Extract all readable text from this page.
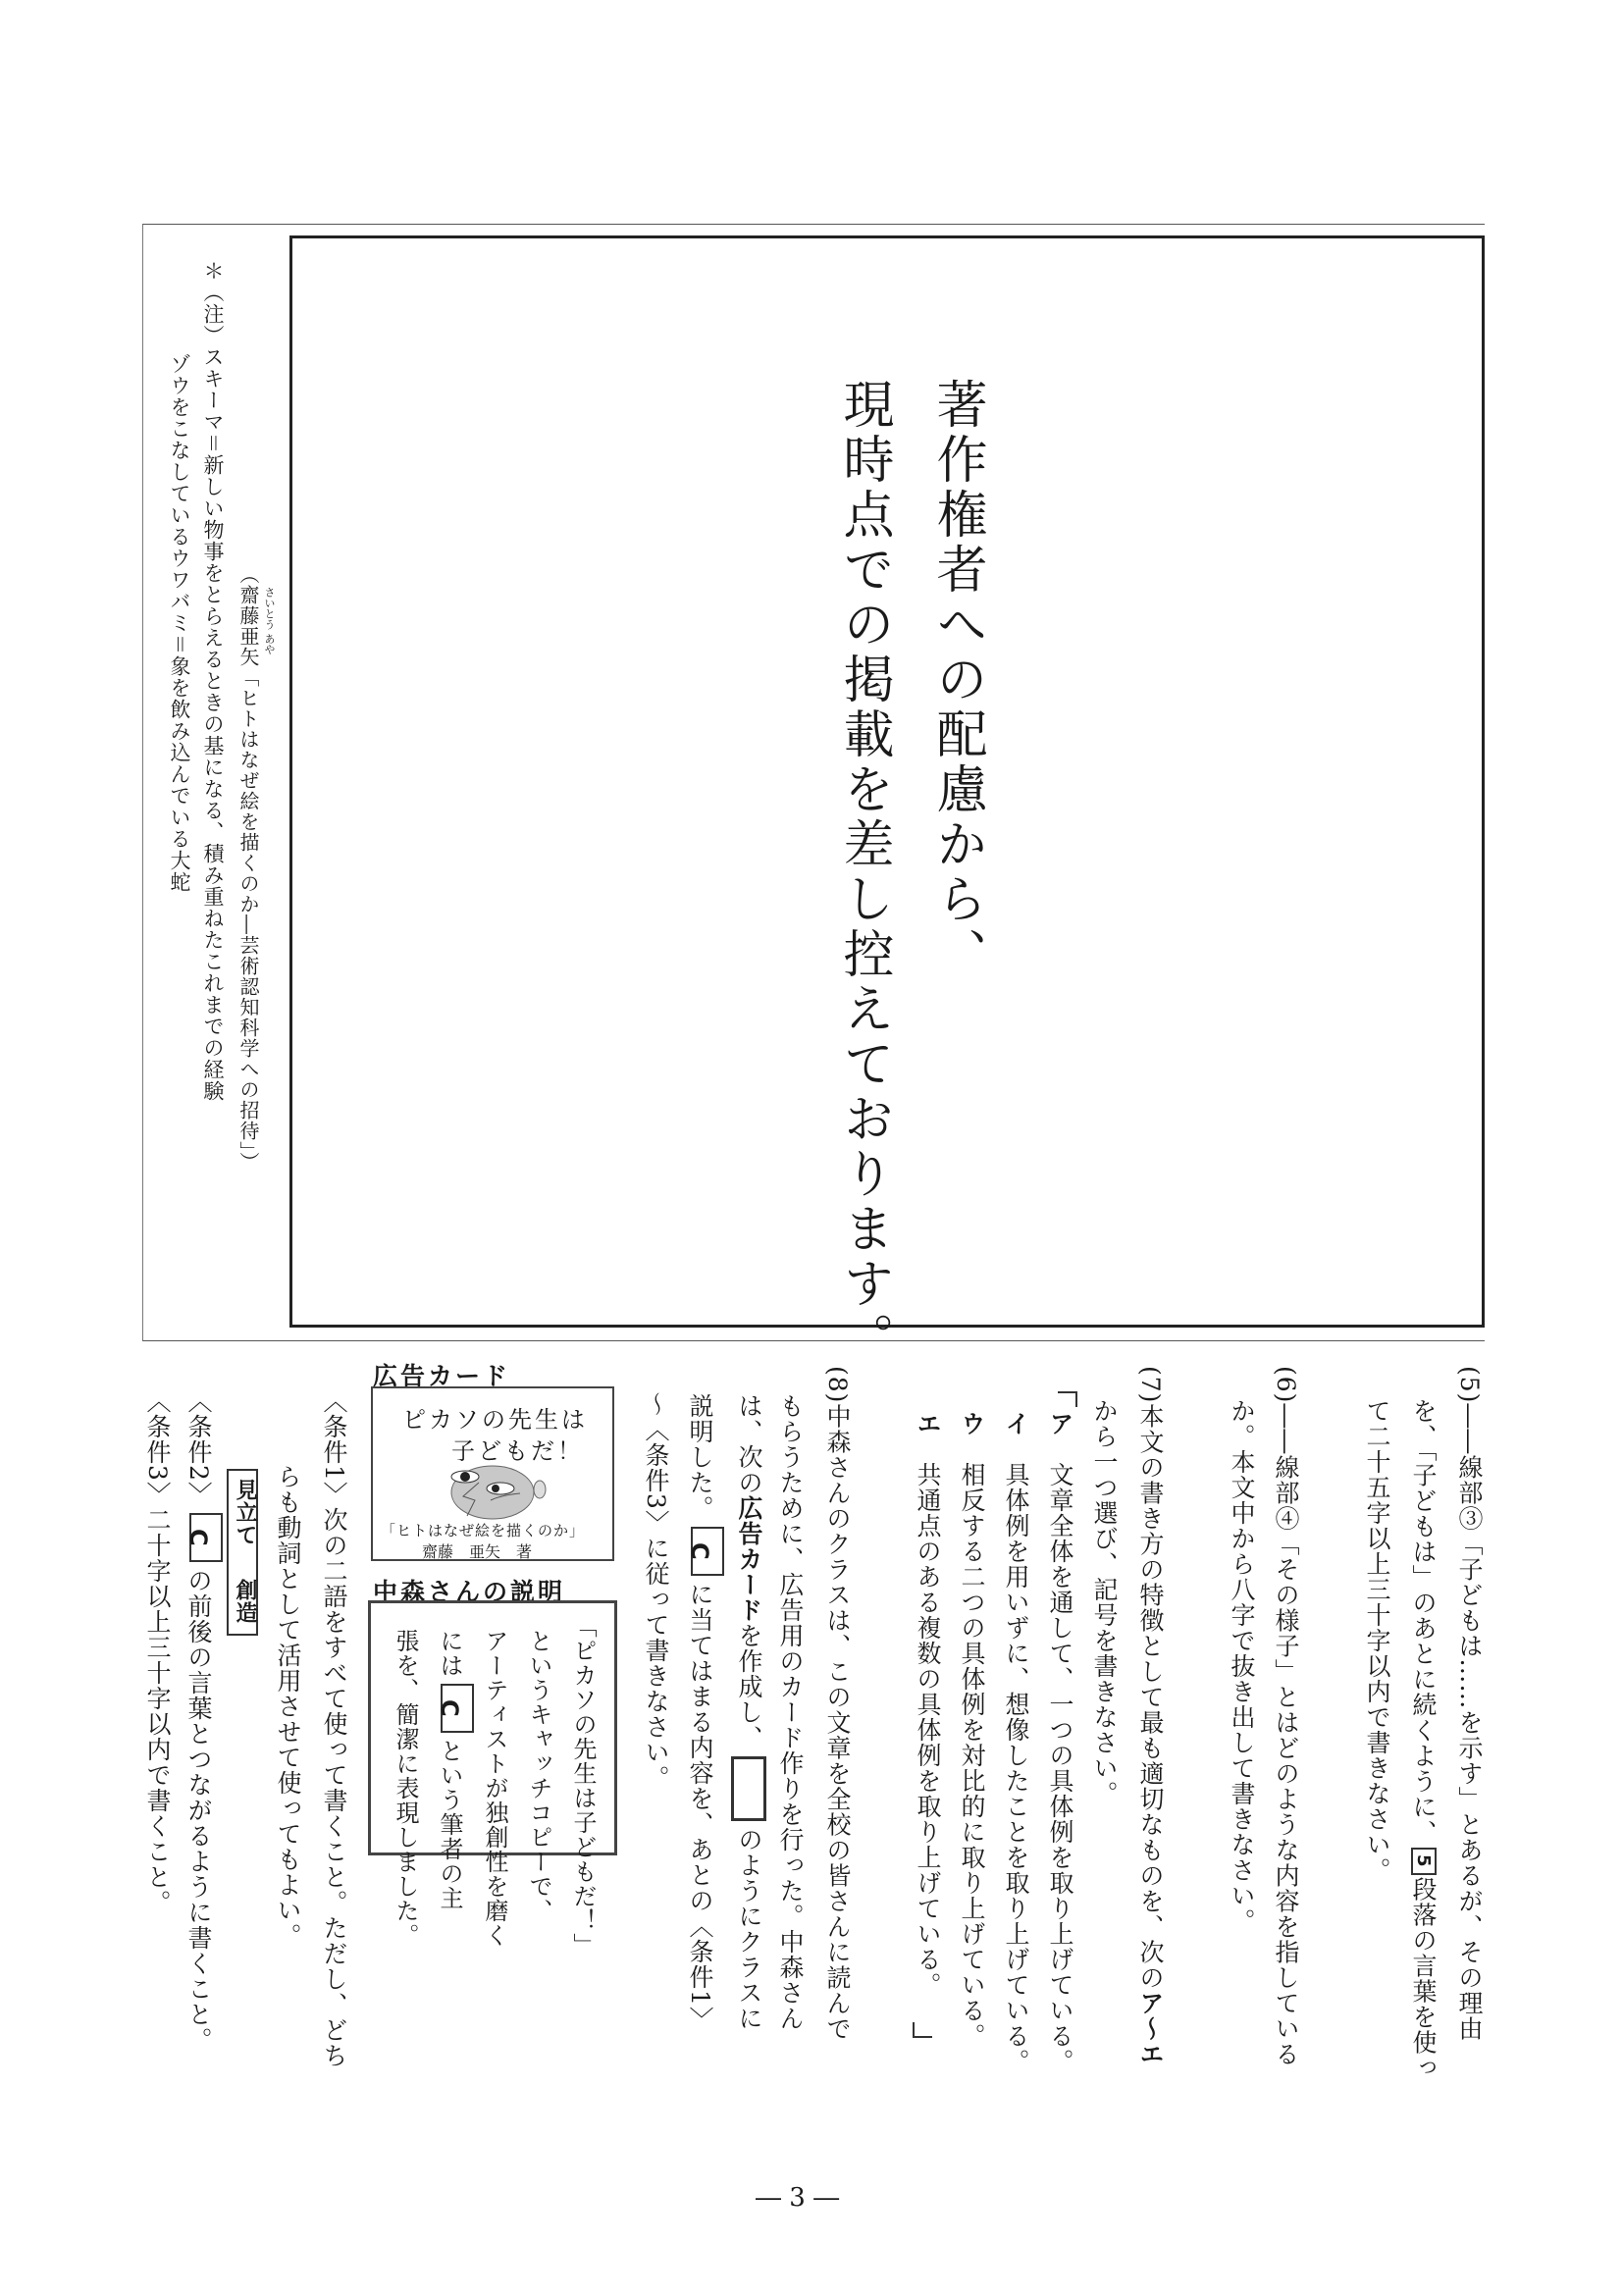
著作権者への配慮から、
現時点での掲載を差し控えております。
（齋藤亜矢「ヒトはなぜ絵を描くのか―芸術認知科学への招待」） さいとう あや
＊（注）スキーマ＝新しい物事をとらえるときの基になる、積み重ねたこれまでの経験
ゾウをこなしているウワバミ＝象を飲み込んでいる大蛇
(5)――線部③「子どもは……を示す」とあるが、その理由
を、「子どもは」のあとに続くように、5段落の言葉を使っ
て二十五字以上三十字以内で書きなさい。
(6)――線部④「その様子」とはどのような内容を指している
か。本文中から八字で抜き出して書きなさい。
(7)本文の書き方の特徴として最も適切なものを、次のア〜エ
から一つ選び、記号を書きなさい。
ア　文章全体を通して、一つの具体例を取り上げている。
イ　具体例を用いずに、想像したことを取り上げている。
ウ　相反する二つの具体例を対比的に取り上げている。
エ　共通点のある複数の具体例を取り上げている。
(8)中森さんのクラスは、この文章を全校の皆さんに読んで
もらうために、広告用のカード作りを行った。中森さん
は、次の広告カードを作成し、のようにクラスに
説明した。Cに当てはまる内容を、あとの〈条件1〉
〜〈条件3〉に従って書きなさい。
広告カード
ピカソの先生は
子どもだ！
「ヒトはなぜ絵を描くのか」
齋藤　亜矢　著
中森さんの説明
「ピカソの先生は子どもだ！」
というキャッチコピーで、
アーティストが独創性を磨く
にはCという筆者の主
張を、簡潔に表現しました。
〈条件1〉次の二語をすべて使って書くこと。ただし、どち
らも動詞として活用させて使ってもよい。
見立て
創造
〈条件2〉Cの前後の言葉とつながるように書くこと。
〈条件3〉二十字以上三十字以内で書くこと。
― 3 ―
